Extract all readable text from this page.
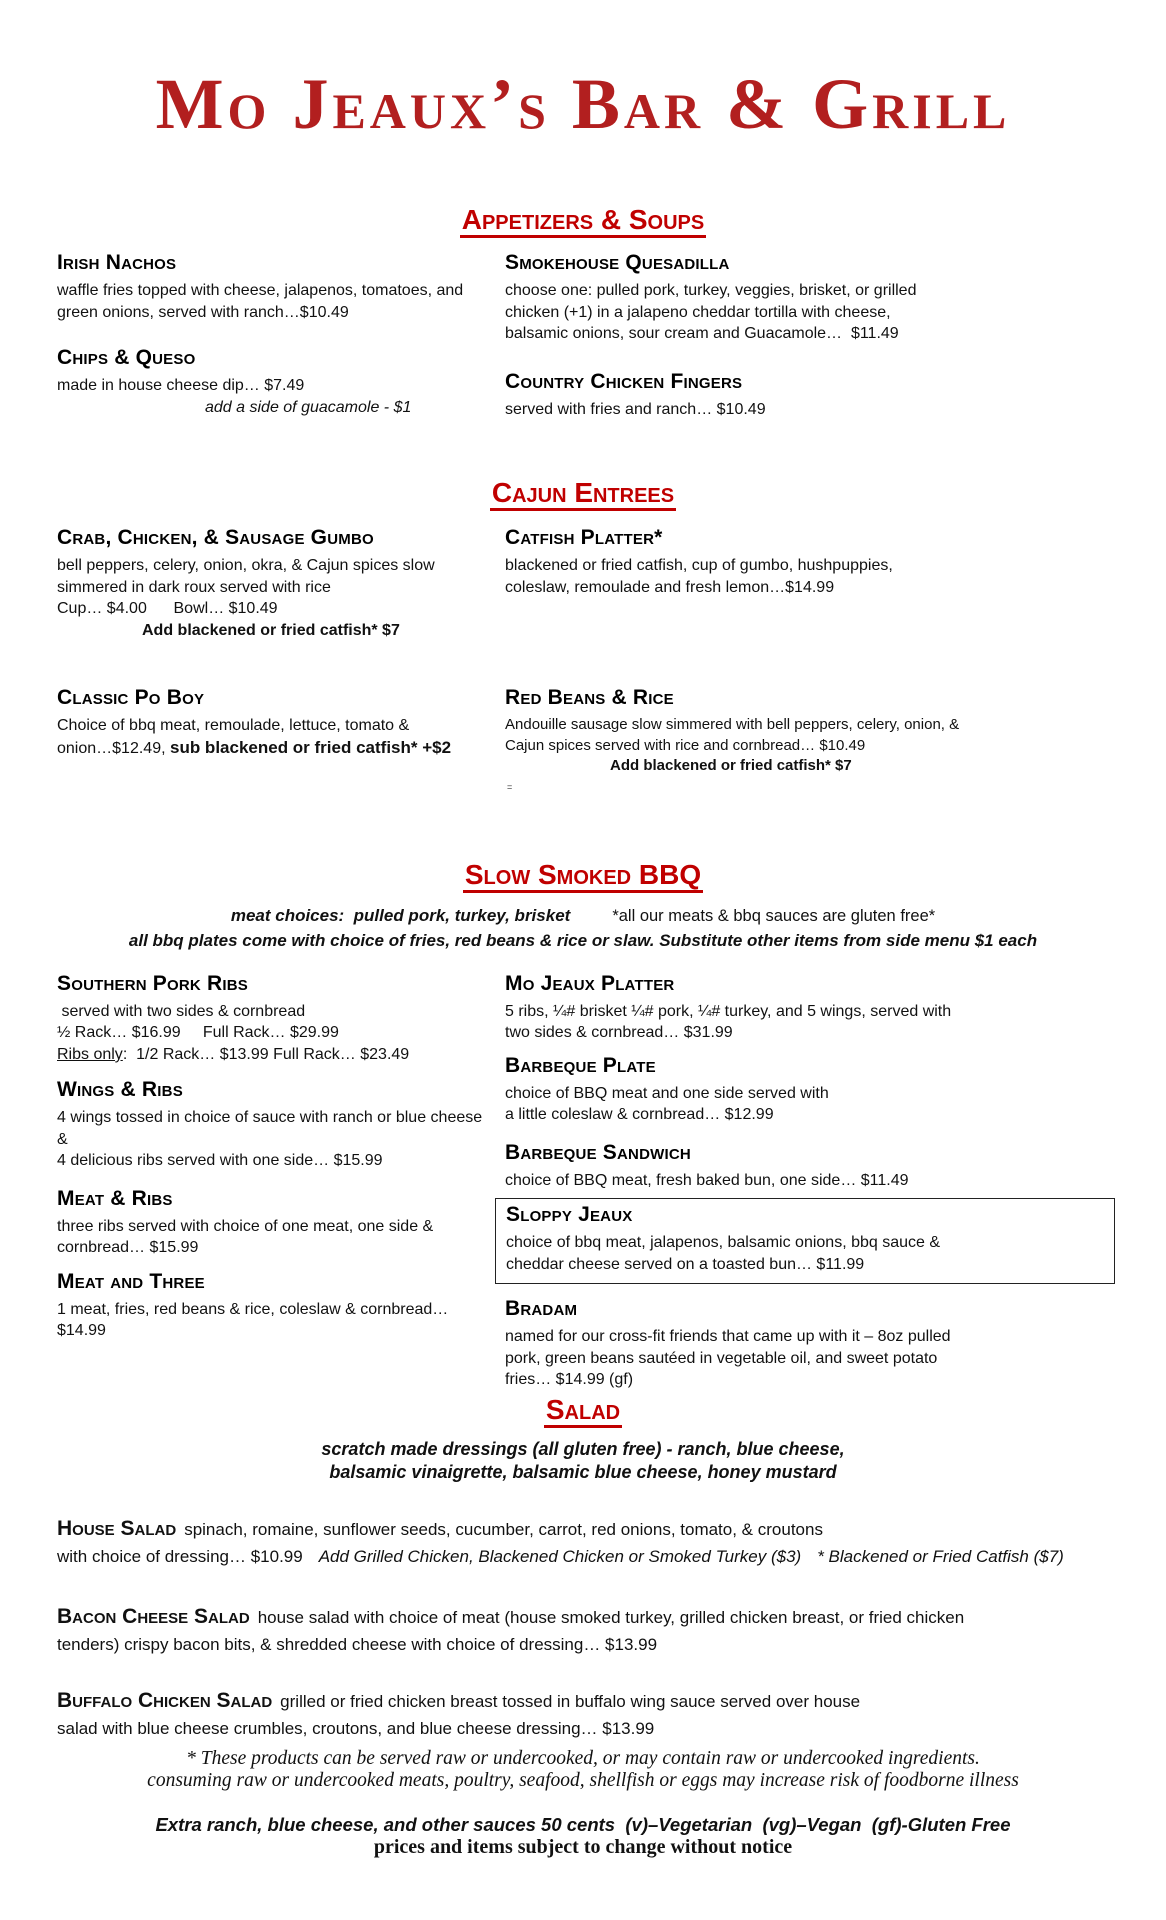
Mo Jeaux’s Bar & Grill
Appetizers & Soups
Irish Nachos
waffle fries topped with cheese, jalapenos, tomatoes, and
green onions, served with ranch…$10.49
Chips & Queso
made in house cheese dip… $7.49
add a side of guacamole - $1
Smokehouse Quesadilla
choose one: pulled pork, turkey, veggies, brisket, or grilled
chicken (+1) in a jalapeno cheddar tortilla with cheese,
balsamic onions, sour cream and Guacamole…  $11.49
Country Chicken Fingers
served with fries and ranch… $10.49
Cajun Entrees
Crab, Chicken, & Sausage Gumbo
bell peppers, celery, onion, okra, & Cajun spices slow
simmered in dark roux served with rice
Cup… $4.00      Bowl… $10.49
Add blackened or fried catfish* $7
Catfish Platter*
blackened or fried catfish, cup of gumbo, hushpuppies,
coleslaw, remoulade and fresh lemon…$14.99
Classic Po Boy
Choice of bbq meat, remoulade, lettuce, tomato &
onion…$12.49, sub blackened or fried catfish* +$2
Red Beans & Rice
Andouille sausage slow simmered with bell peppers, celery, onion, &
Cajun spices served with rice and cornbread… $10.49
Add blackened or fried catfish* $7
=
Slow Smoked BBQ
meat choices:  pulled pork, turkey, brisket	*all our meats & bbq sauces are gluten free*
all bbq plates come with choice of fries, red beans & rice or slaw. Substitute other items from side menu $1 each
Southern Pork Ribs
served with two sides & cornbread
½ Rack… $16.99     Full Rack… $29.99
Ribs only:  1/2 Rack… $13.99 Full Rack… $23.49
Wings & Ribs
4 wings tossed in choice of sauce with ranch or blue cheese &
4 delicious ribs served with one side… $15.99
Meat & Ribs
three ribs served with choice of one meat, one side &
cornbread… $15.99
Meat and Three
1 meat, fries, red beans & rice, coleslaw & cornbread… $14.99
Mo Jeaux Platter
5 ribs, ¼# brisket ¼# pork, ¼# turkey, and 5 wings, served with
two sides & cornbread… $31.99
Barbeque Plate
choice of BBQ meat and one side served with
a little coleslaw & cornbread… $12.99
Barbeque Sandwich
choice of BBQ meat, fresh baked bun, one side… $11.49
Sloppy Jeaux
choice of bbq meat, jalapenos, balsamic onions, bbq sauce &
cheddar cheese served on a toasted bun… $11.99
Bradam
named for our cross-fit friends that came up with it – 8oz pulled
pork, green beans sautéed in vegetable oil, and sweet potato
fries… $14.99 (gf)
Salad
scratch made dressings (all gluten free) - ranch, blue cheese,
balsamic vinaigrette, balsamic blue cheese, honey mustard
House Salad spinach, romaine, sunflower seeds, cucumber, carrot, red onions, tomato, & croutons
with choice of dressing… $10.99 Add Grilled Chicken, Blackened Chicken or Smoked Turkey ($3) * Blackened or Fried Catfish ($7)
Bacon Cheese Salad house salad with choice of meat (house smoked turkey, grilled chicken breast, or fried chicken
tenders) crispy bacon bits, & shredded cheese with choice of dressing… $13.99
Buffalo Chicken Salad grilled or fried chicken breast tossed in buffalo wing sauce served over house
salad with blue cheese crumbles, croutons, and blue cheese dressing… $13.99
* These products can be served raw or undercooked, or may contain raw or undercooked ingredients.
consuming raw or undercooked meats, poultry, seafood, shellfish or eggs may increase risk of foodborne illness
Extra ranch, blue cheese, and other sauces 50 cents  (v)–Vegetarian  (vg)–Vegan  (gf)-Gluten Free
prices and items subject to change without notice
